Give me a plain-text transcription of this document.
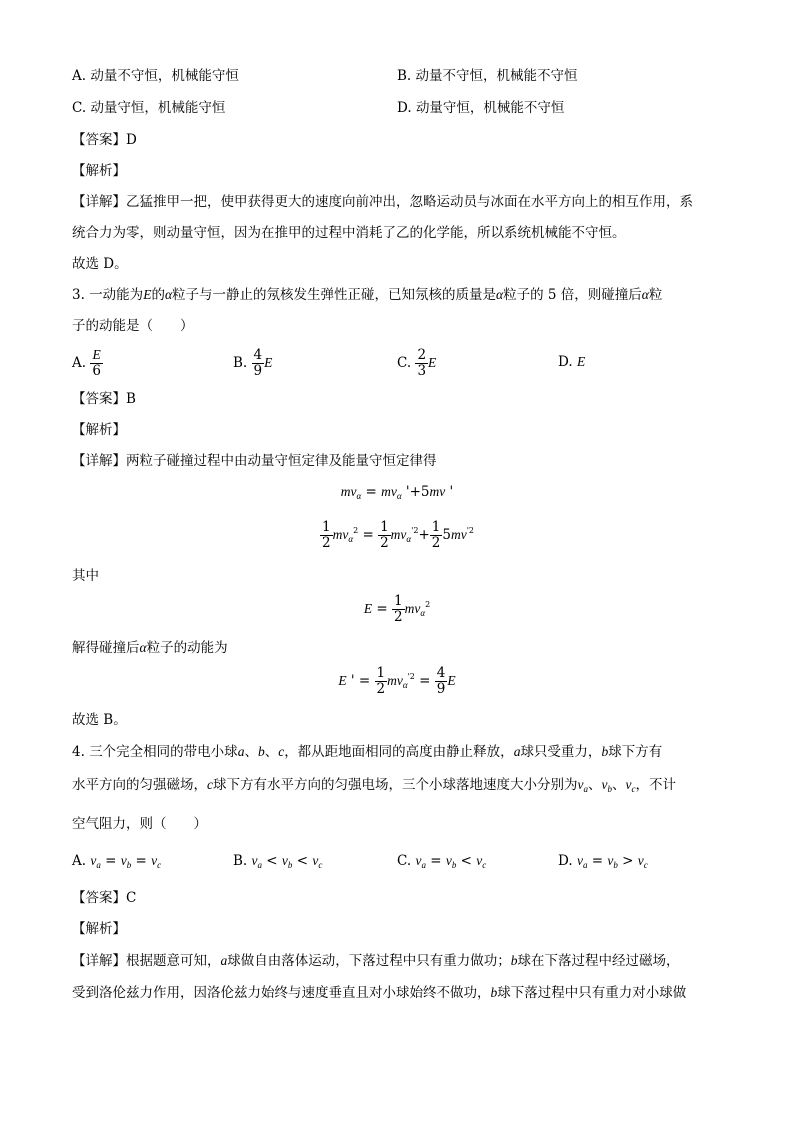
A. 动量不守恒，机械能守恒	B. 动量不守恒，机械能不守恒
C. 动量守恒，机械能守恒	D. 动量守恒，机械能不守恒
【答案】D
【解析】
【详解】乙猛推甲一把，使甲获得更大的速度向前冲出，忽略运动员与冰面在水平方向上的相互作用，系
统合力为零，则动量守恒，因为在推甲的过程中消耗了乙的化学能，所以系统机械能不守恒。
故选 D。
3. 一动能为E的α粒子与一静止的氖核发生弹性正碰，已知氖核的质量是α粒子的 5 倍，则碰撞后α粒
子的动能是（　　）
A. $\frac{E}{6}$	B. $\frac{4}{9}$ E	C. $\frac{2}{3}$ E	D. E
【答案】B
【解析】
【详解】两粒子碰撞过程中由动量守恒定律及能量守恒定律得
$mv_\alpha = mv_\alpha$ '+5mv '
$\frac{1}{2} mv_\alpha^2 = \frac{1}{2} mv_\alpha^{'2}+ \frac{1}{2} 5mv^{'2}$
其中
$E = \frac{1}{2} mv_\alpha^2$
解得碰撞后α粒子的动能为
E ' = $\frac{1}{2} mv_\alpha^{'2} = \frac{4}{9}$ E
故选 B。
4. 三个完全相同的带电小球a、b、c，都从距地面相同的高度由静止释放，a球只受重力，b球下方有
水平方向的匀强磁场，c球下方有水平方向的匀强电场，三个小球落地速度大小分别为$v_a$、$v_b$、$v_c$，不计
空气阻力，则（　　）
A. $v_a = v_b = v_c$	B. $v_a < v_b < v_c$	C. $v_a = v_b < v_c$	D. $v_a = v_b > v_c$
【答案】C
【解析】
【详解】根据题意可知，a球做自由落体运动，下落过程中只有重力做功；b球在下落过程中经过磁场，
受到洛伦兹力作用，因洛伦兹力始终与速度垂直且对小球始终不做功，b球下落过程中只有重力对小球做
